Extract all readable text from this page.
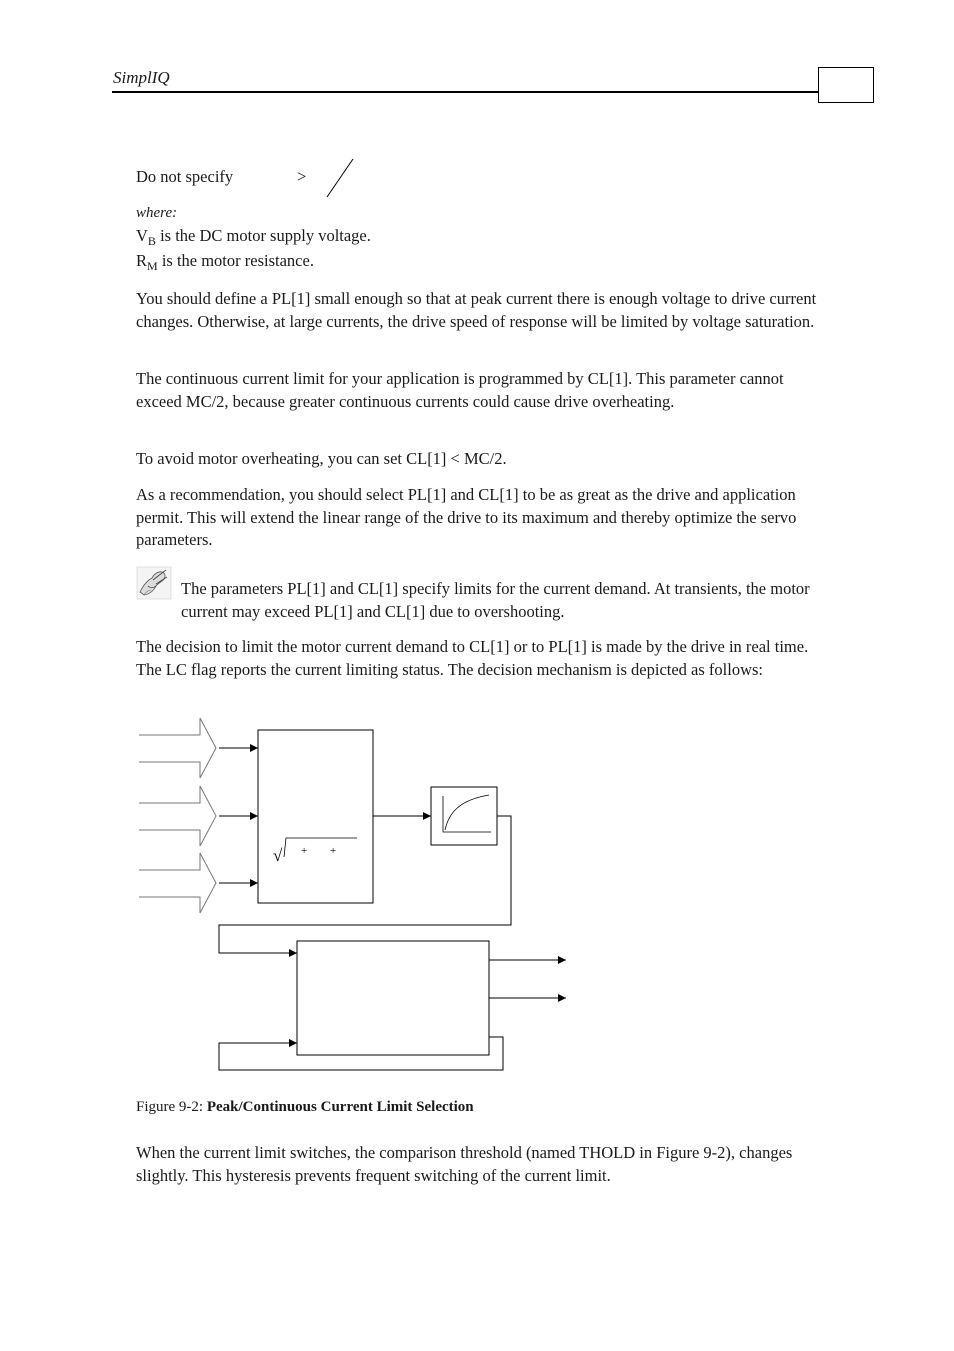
SimplIQ
Do not specify	>
where:
$V_B$ is the DC motor supply voltage.
$R_M$ is the motor resistance.
You should define a PL[1] small enough so that at peak current there is enough voltage to drive current changes. Otherwise, at large currents, the drive speed of response will be limited by voltage saturation.
The continuous current limit for your application is programmed by CL[1]. This parameter cannot exceed MC/2, because greater continuous currents could cause drive overheating.
To avoid motor overheating, you can set CL[1] < MC/2.
As a recommendation, you should select PL[1] and CL[1] to be as great as the drive and application permit. This will extend the linear range of the drive to its maximum and thereby optimize the servo parameters.
The parameters PL[1] and CL[1] specify limits for the current demand. At transients, the motor current may exceed PL[1] and CL[1] due to overshooting.
The decision to limit the motor current demand to CL[1] or to PL[1] is made by the drive in real time. The LC flag reports the current limiting status. The decision mechanism is depicted as follows:
√ + +
Figure 9-2: Peak/Continuous Current Limit Selection
When the current limit switches, the comparison threshold (named THOLD in Figure 9-2), changes slightly. This hysteresis prevents frequent switching of the current limit.
